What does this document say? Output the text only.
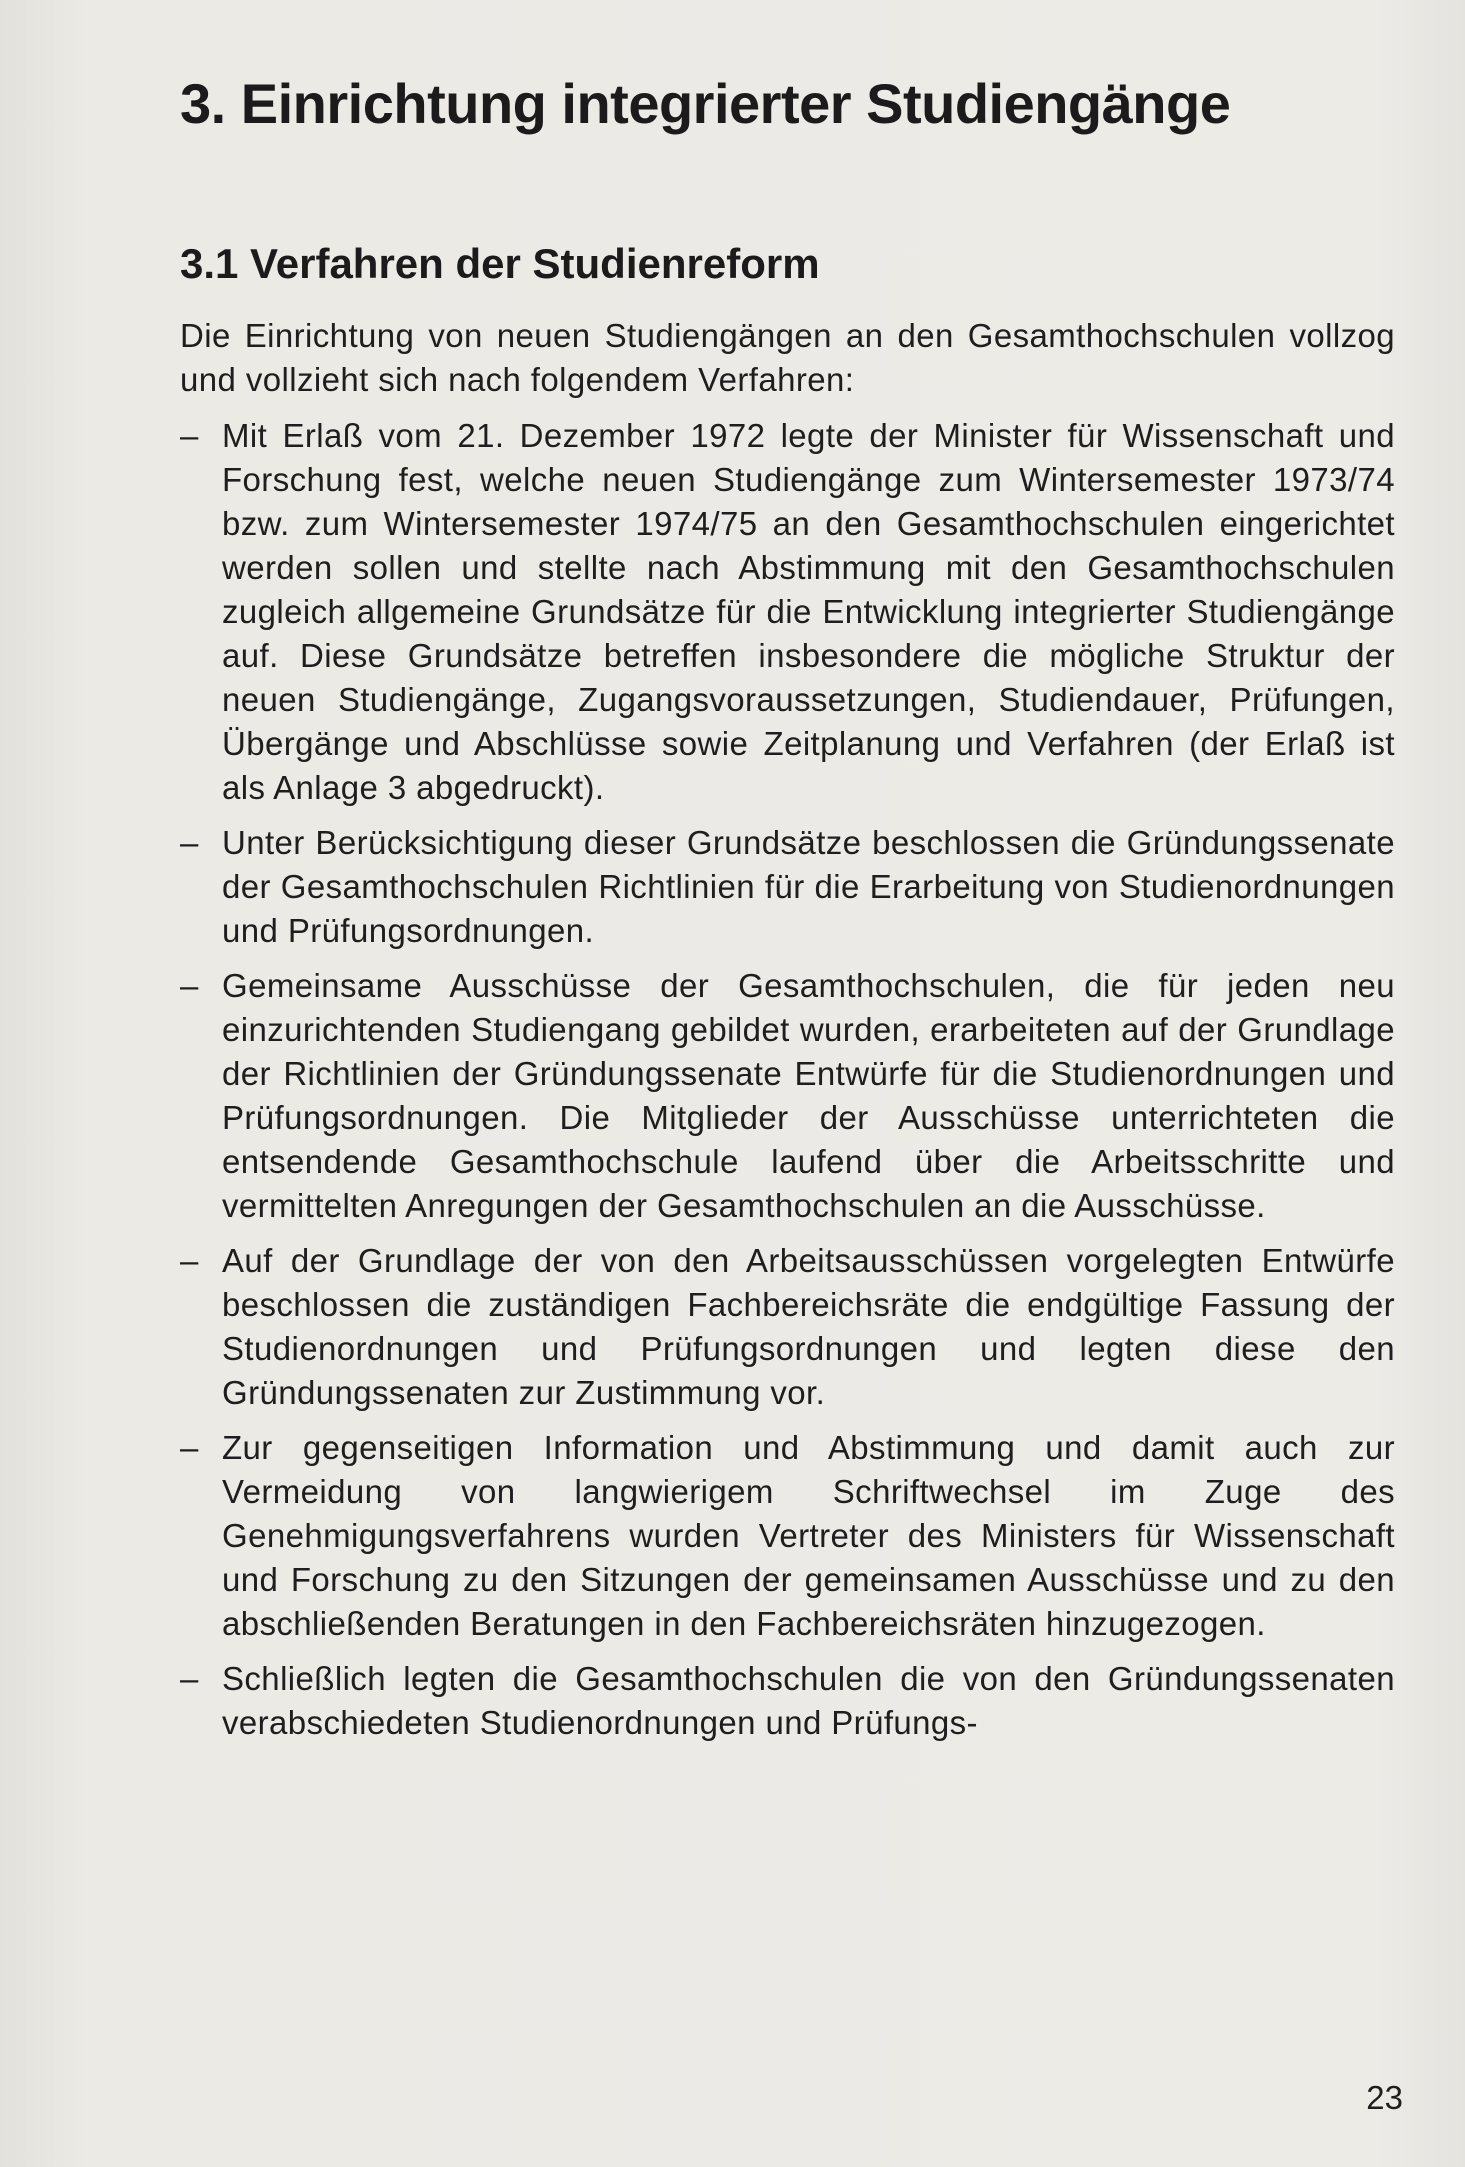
3. Einrichtung integrierter Studiengänge
3.1 Verfahren der Studienreform

Die Einrichtung von neuen Studiengängen an den Gesamthochschulen vollzog und vollzieht sich nach folgendem Verfahren:

– Mit Erlaß vom 21. Dezember 1972 legte der Minister für Wissenschaft und Forschung fest, welche neuen Studiengänge zum Wintersemester 1973/74 bzw. zum Wintersemester 1974/75 an den Gesamthochschulen eingerichtet werden sollen und stellte nach Abstimmung mit den Gesamthochschulen zugleich allgemeine Grundsätze für die Entwicklung integrierter Studiengänge auf. Diese Grundsätze betreffen insbesondere die mögliche Struktur der neuen Studiengänge, Zugangsvoraussetzungen, Studiendauer, Prüfungen, Übergänge und Abschlüsse sowie Zeitplanung und Verfahren (der Erlaß ist als Anlage 3 abgedruckt).
– Unter Berücksichtigung dieser Grundsätze beschlossen die Gründungssenate der Gesamthochschulen Richtlinien für die Erarbeitung von Studienordnungen und Prüfungsordnungen.
– Gemeinsame Ausschüsse der Gesamthochschulen, die für jeden neu einzurichtenden Studiengang gebildet wurden, erarbeiteten auf der Grundlage der Richtlinien der Gründungssenate Entwürfe für die Studienordnungen und Prüfungsordnungen. Die Mitglieder der Ausschüsse unterrichteten die entsendende Gesamthochschule laufend über die Arbeitsschritte und vermittelten Anregungen der Gesamthochschulen an die Ausschüsse.
– Auf der Grundlage der von den Arbeitsausschüssen vorgelegten Entwürfe beschlossen die zuständigen Fachbereichsräte die endgültige Fassung der Studienordnungen und Prüfungsordnungen und legten diese den Gründungssenaten zur Zustimmung vor.
– Zur gegenseitigen Information und Abstimmung und damit auch zur Vermeidung von langwierigem Schriftwechsel im Zuge des Genehmigungsverfahrens wurden Vertreter des Ministers für Wissenschaft und Forschung zu den Sitzungen der gemeinsamen Ausschüsse und zu den abschließenden Beratungen in den Fachbereichsräten hinzugezogen.
– Schließlich legten die Gesamthochschulen die von den Gründungssenaten verabschiedeten Studienordnungen und Prüfungs-
23
